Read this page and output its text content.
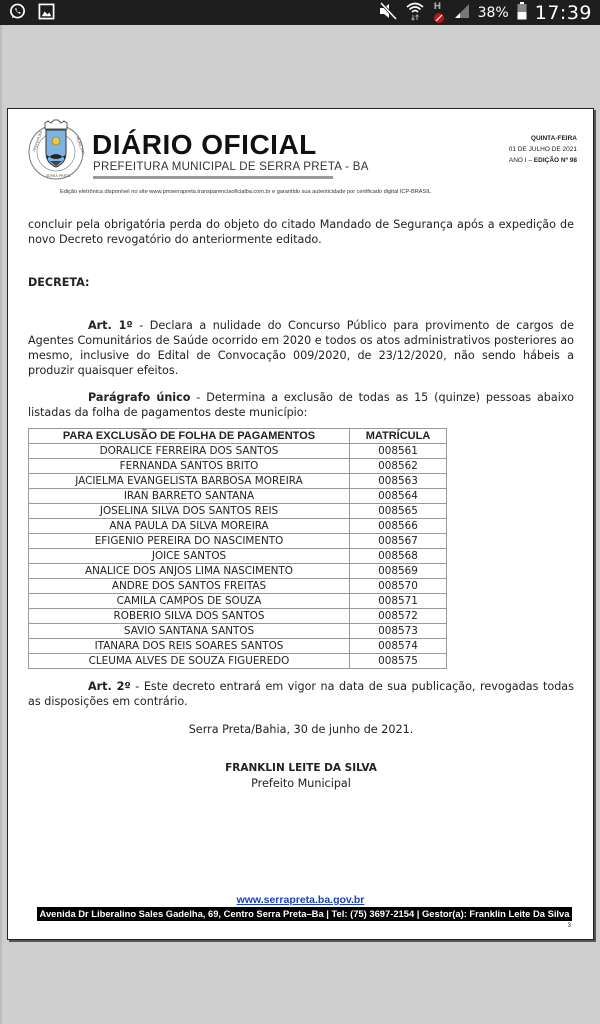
H	38% 17:39
PREFEITURA	MUNICIPAL
SERRA PRETA
DIÁRIO OFICIAL
PREFEITURA MUNICIPAL DE SERRA PRETA - BA
QUINTA-FEIRA
01 DE JULHO DE 2021
ANO I – EDIÇÃO Nº 98
Edição eletrônica disponível no site www.pmserrapreta.transparenciaoficialba.com.br e garantido sua autenticidade por certificado digital ICP-BRASIL

concluir pela obrigatória perda do objeto do citado Mandado de Segurança após a expedição de novo Decreto revogatório do anteriormente editado.

DECRETA:

Art. 1º - Declara a nulidade do Concurso Público para provimento de cargos de Agentes Comunitários de Saúde ocorrido em 2020 e todos os atos administrativos posteriores ao mesmo, inclusive do Edital de Convocação 009/2020, de 23/12/2020, não sendo hábeis a produzir quaisquer efeitos.

Parágrafo único - Determina a exclusão de todas as 15 (quinze) pessoas abaixo listadas da folha de pagamentos deste município:

PARA EXCLUSÃO DE FOLHA DE PAGAMENTOS	MATRÍCULA
DORALICE FERREIRA DOS SANTOS	008561
FERNANDA SANTOS BRITO	008562
JACIELMA EVANGELISTA BARBOSA MOREIRA	008563
IRAN BARRETO SANTANA	008564
JOSELINA SILVA DOS SANTOS REIS	008565
ANA PAULA DA SILVA MOREIRA	008566
EFIGENIO PEREIRA DO NASCIMENTO	008567
JOICE SANTOS	008568
ANALICE DOS ANJOS LIMA NASCIMENTO	008569
ANDRE DOS SANTOS FREITAS	008570
CAMILA CAMPOS DE SOUZA	008571
ROBERIO SILVA DOS SANTOS	008572
SAVIO SANTANA SANTOS	008573
ITANARA DOS REIS SOARES SANTOS	008574
CLEUMA ALVES DE SOUZA FIGUEREDO	008575

Art. 2º - Este decreto entrará em vigor na data de sua publicação, revogadas todas as disposições em contrário.

Serra Preta/Bahia, 30 de junho de 2021.

FRANKLIN LEITE DA SILVA

Prefeito Municipal

www.serrapreta.ba.gov.br
Avenida Dr Liberalino Sales Gadelha, 69, Centro Serra Preta–Ba | Tel: (75) 3697-2154 | Gestor(a): Franklin Leite Da Silva
3
